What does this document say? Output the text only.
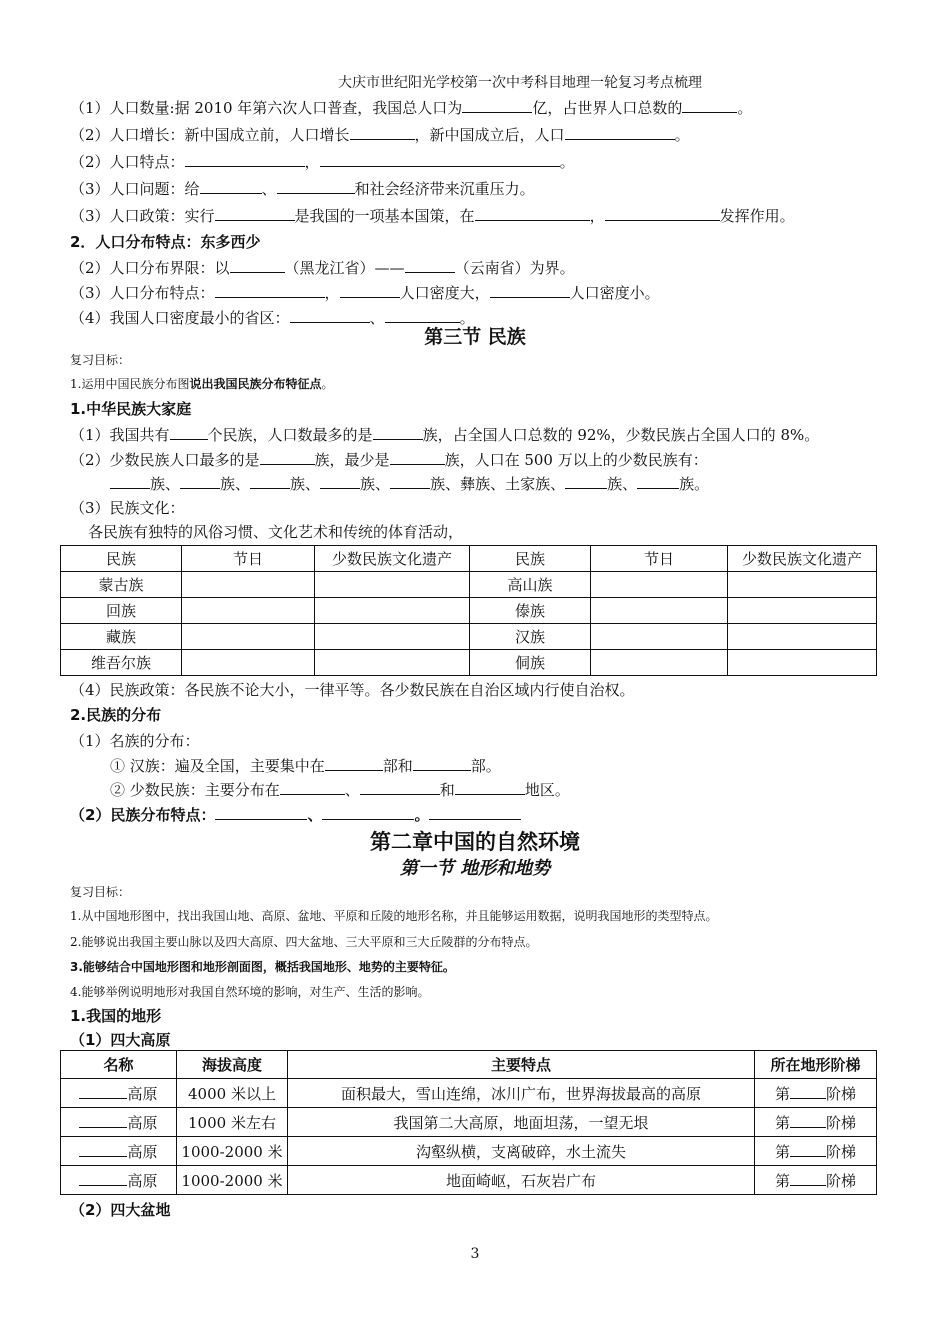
大庆市世纪阳光学校第一次中考科目地理一轮复习考点梳理
（1）人口数量:据 2010 年第六次人口普查，我国总人口为	亿，占世界人口总数的	。
（2）人口增长：新中国成立前，人口增长	，新中国成立后，人口	。
（2）人口特点：	，	。
（3）人口问题：给	、	和社会经济带来沉重压力。
（3）人口政策：实行	是我国的一项基本国策，在	，	发挥作用。
2．人口分布特点：东多西少
（2）人口分布界限：以	（黑龙江省）——	（云南省）为界。
（3）人口分布特点：	，	人口密度大，	人口密度小。
（4）我国人口密度最小的省区：	、	。
第三节 民族
复习目标：
1.运用中国民族分布图说出我国民族分布特征点。
1.中华民族大家庭
（1）我国共有	个民族，人口数最多的是	族，占全国人口总数的 92%，少数民族占全国人口的 8%。
（2）少数民族人口最多的是	族，最少是	族，人口在 500 万以上的少数民族有：
族、	族、	族、	族、	族、彝族、土家族、	族、	族。
（3）民族文化：
各民族有独特的风俗习惯、文化艺术和传统的体育活动，
民族	节日	少数民族文化遗产	民族	节日	少数民族文化遗产
蒙古族			高山族		
回族			傣族		
藏族			汉族		
维吾尔族			侗族		
（4）民族政策：各民族不论大小，一律平等。各少数民族在自治区域内行使自治权。
2.民族的分布
（1）名族的分布：
① 汉族：遍及全国，主要集中在	部和	部。
② 少数民族：主要分布在	、	和	地区。
（2）民族分布特点：	、	。
第二章中国的自然环境
第一节 地形和地势
复习目标：
1.从中国地形图中，找出我国山地、高原、盆地、平原和丘陵的地形名称，并且能够运用数据，说明我国地形的类型特点。
2.能够说出我国主要山脉以及四大高原、四大盆地、三大平原和三大丘陵群的分布特点。
3.能够结合中国地形图和地形剖面图，概括我国地形、地势的主要特征。
4.能够举例说明地形对我国自然环境的影响，对生产、生活的影响。
1.我国的地形
（1）四大高原
名称	海拔高度	主要特点	所在地形阶梯
高原	4000 米以上	面积最大，雪山连绵，冰川广布，世界海拔最高的高原	第 阶梯
高原	1000 米左右	我国第二大高原，地面坦荡，一望无垠	第 阶梯
高原	1000-2000 米	沟壑纵横，支离破碎，水土流失	第 阶梯
高原	1000-2000 米	地面崎岖，石灰岩广布	第 阶梯
（2）四大盆地
3
